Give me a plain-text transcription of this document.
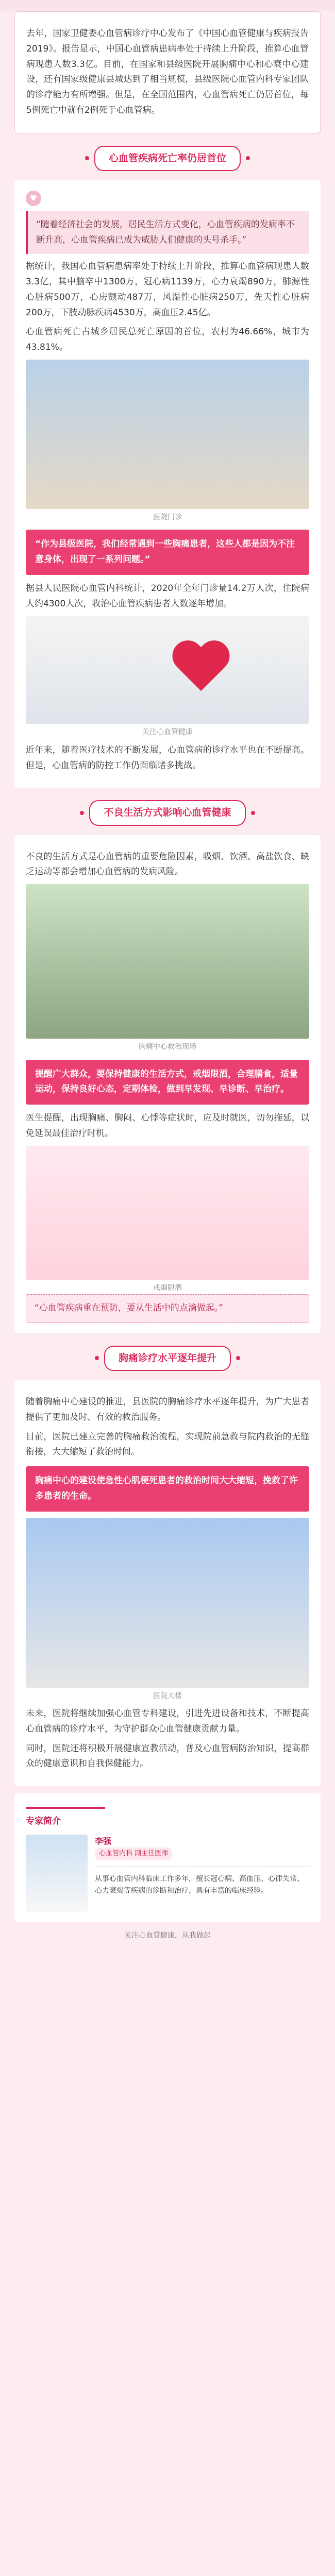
去年，国家卫健委心血管病诊疗中心发布了《中国心血管健康与疾病报告2019》。报告显示，中国心血管病患病率处于持续上升阶段，推算心血管病现患人数3.3亿。目前，在国家和县级医院开展胸痛中心和心衰中心建设，还有国家级健康县城达到了相当规模，县级医院心血管内科专家团队的诊疗能力有所增强。但是，在全国范围内，心血管病死亡仍居首位，每5例死亡中就有2例死于心血管病。

心血管疾病死亡率仍居首位
♥
“随着经济社会的发展，居民生活方式变化，心血管疾病的发病率不断升高，心血管疾病已成为威胁人们健康的头号杀手。”

据统计，我国心血管病患病率处于持续上升阶段，推算心血管病现患人数3.3亿，其中脑卒中1300万，冠心病1139万，心力衰竭890万，肺源性心脏病500万，心房颤动487万，风湿性心脏病250万，先天性心脏病200万，下肢动脉疾病4530万，高血压2.45亿。

心血管病死亡占城乡居民总死亡原因的首位，农村为46.66%，城市为43.81%。

医院门诊
“作为县级医院，我们经常遇到一些胸痛患者，这些人都是因为不注意身体，出现了一系列问题。”

据县人民医院心血管内科统计，2020年全年门诊量14.2万人次，住院病人约4300人次，收治心血管疾病患者人数逐年增加。

关注心血管健康

近年来，随着医疗技术的不断发展，心血管病的诊疗水平也在不断提高。但是，心血管病的防控工作仍面临诸多挑战。

不良生活方式影响心血管健康

不良的生活方式是心血管病的重要危险因素，吸烟、饮酒、高盐饮食、缺乏运动等都会增加心血管病的发病风险。

胸痛中心救治现场
提醒广大群众，要保持健康的生活方式，戒烟限酒，合理膳食，适量运动，保持良好心态，定期体检，做到早发现、早诊断、早治疗。

医生提醒，出现胸痛、胸闷、心悸等症状时，应及时就医，切勿拖延，以免延误最佳治疗时机。

戒烟限酒
“心血管疾病重在预防，要从生活中的点滴做起。”
胸痛诊疗水平逐年提升

随着胸痛中心建设的推进，县医院的胸痛诊疗水平逐年提升，为广大患者提供了更加及时、有效的救治服务。

目前，医院已建立完善的胸痛救治流程，实现院前急救与院内救治的无缝衔接，大大缩短了救治时间。

胸痛中心的建设使急性心肌梗死患者的救治时间大大缩短，挽救了许多患者的生命。
医院大楼

未来，医院将继续加强心血管专科建设，引进先进设备和技术，不断提高心血管病的诊疗水平，为守护群众心血管健康贡献力量。

同时，医院还将积极开展健康宣教活动，普及心血管病防治知识，提高群众的健康意识和自我保健能力。

专家简介
李强
心血管内科 副主任医师
从事心血管内科临床工作多年，擅长冠心病、高血压、心律失常、心力衰竭等疾病的诊断和治疗，具有丰富的临床经验。
关注心血管健康，从我做起
